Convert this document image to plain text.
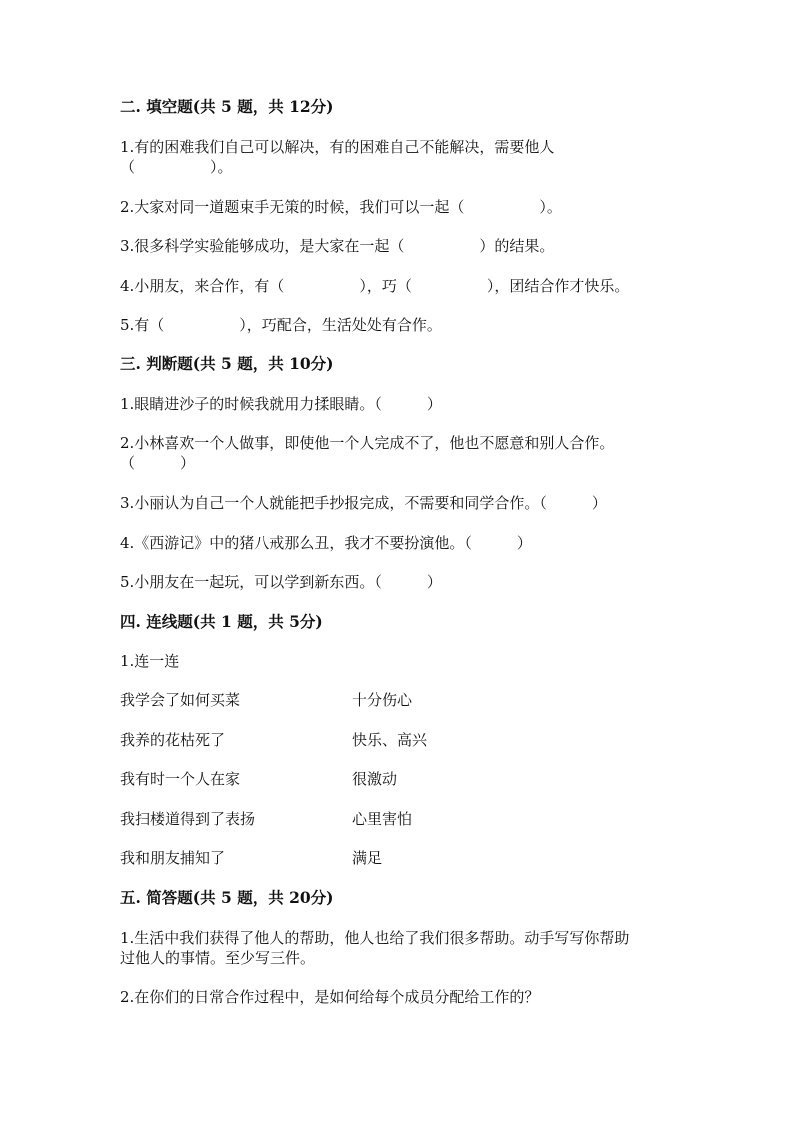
二. 填空题(共 5 题，共 12分)
1.有的困难我们自己可以解决，有的困难自己不能解决，需要他人
（　　　　　）。
2.大家对同一道题束手无策的时候，我们可以一起（　　　　　）。
3.很多科学实验能够成功，是大家在一起（　　　　　）的结果。
4.小朋友，来合作，有（　　　　　），巧（　　　　　），团结合作才快乐。
5.有（　　　　　），巧配合，生活处处有合作。
三. 判断题(共 5 题，共 10分)
1.眼睛进沙子的时候我就用力揉眼睛。（　　　）
2.小林喜欢一个人做事，即使他一个人完成不了，他也不愿意和别人合作。
（　　　）
3.小丽认为自己一个人就能把手抄报完成，不需要和同学合作。（　　　）
4.《西游记》中的猪八戒那么丑，我才不要扮演他。（　　　）
5.小朋友在一起玩，可以学到新东西。（　　　）
四. 连线题(共 1 题，共 5分)
1.连一连
我学会了如何买菜	十分伤心
我养的花枯死了	快乐、高兴
我有时一个人在家	很激动
我扫楼道得到了表扬	心里害怕
我和朋友捕知了	满足
五. 简答题(共 5 题，共 20分)
1.生活中我们获得了他人的帮助，他人也给了我们很多帮助。动手写写你帮助
过他人的事情。至少写三件。
2.在你们的日常合作过程中，是如何给每个成员分配给工作的？
